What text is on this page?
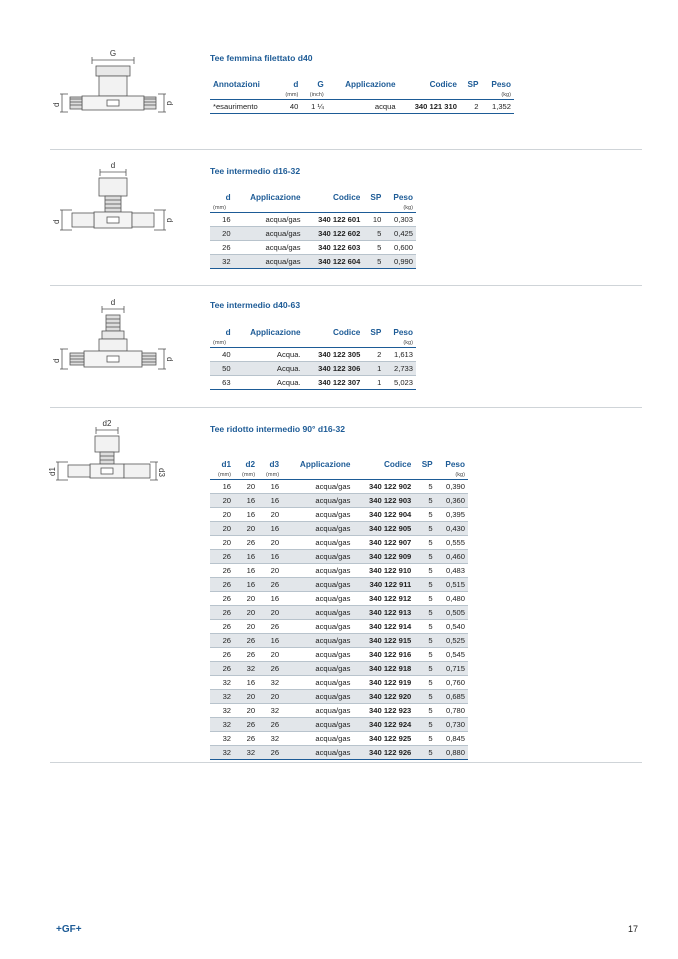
G
d	d
Tee femmina filettato d40
Annotazioni	d	G	Applicazione	Codice	SP	Peso
	(mm)	(inch)				(kg)
*esaurimento	40	1 ¼	acqua	340 121 310	2	1,352
d
d	d
Tee intermedio d16-32
d	Applicazione	Codice	SP	Peso
(mm)				(kg)
16	acqua/gas	340 122 601	10	0,303
20	acqua/gas	340 122 602	5	0,425
26	acqua/gas	340 122 603	5	0,600
32	acqua/gas	340 122 604	5	0,990
d
d	d
Tee intermedio d40-63
d	Applicazione	Codice	SP	Peso
(mm)				(kg)
40	Acqua.	340 122 305	2	1,613
50	Acqua.	340 122 306	1	2,733
63	Acqua.	340 122 307	1	5,023
d2
d1	d3
Tee ridotto intermedio 90° d16-32
d1	d2	d3	Applicazione	Codice	SP	Peso
(mm)	(mm)	(mm)				(kg)
16	20	16	acqua/gas	340 122 902	5	0,390
20	16	16	acqua/gas	340 122 903	5	0,360
20	16	20	acqua/gas	340 122 904	5	0,395
20	20	16	acqua/gas	340 122 905	5	0,430
20	26	20	acqua/gas	340 122 907	5	0,555
26	16	16	acqua/gas	340 122 909	5	0,460
26	16	20	acqua/gas	340 122 910	5	0,483
26	16	26	acqua/gas	340 122 911	5	0,515
26	20	16	acqua/gas	340 122 912	5	0,480
26	20	20	acqua/gas	340 122 913	5	0,505
26	20	26	acqua/gas	340 122 914	5	0,540
26	26	16	acqua/gas	340 122 915	5	0,525
26	26	20	acqua/gas	340 122 916	5	0,545
26	32	26	acqua/gas	340 122 918	5	0,715
32	16	32	acqua/gas	340 122 919	5	0,760
32	20	20	acqua/gas	340 122 920	5	0,685
32	20	32	acqua/gas	340 122 923	5	0,780
32	26	26	acqua/gas	340 122 924	5	0,730
32	26	32	acqua/gas	340 122 925	5	0,845
32	32	26	acqua/gas	340 122 926	5	0,880
+GF+	17
